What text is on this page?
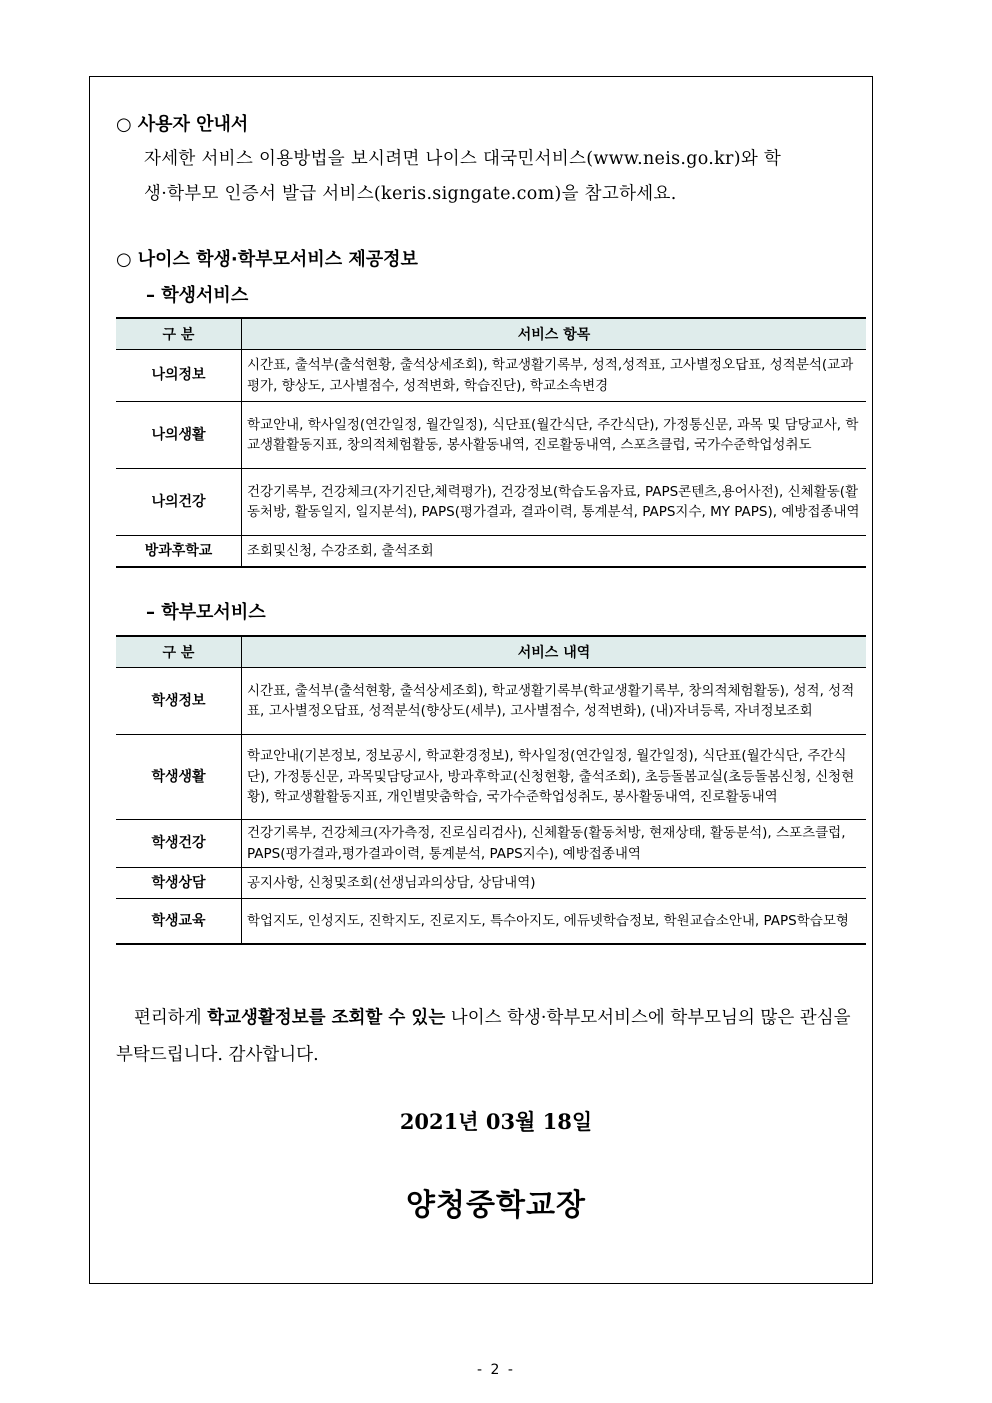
○ 사용자 안내서
자세한 서비스 이용방법을 보시려면 나이스 대국민서비스(www.neis.go.kr)와 학
생·학부모 인증서 발급 서비스(keris.signgate.com)을 참고하세요.
○ 나이스 학생·학부모서비스 제공정보
– 학생서비스
구 분	서비스 항목
나의정보	시간표, 출석부(출석현황, 출석상세조회), 학교생활기록부, 성적,성적표, 고사별정오답표, 성적분석(교과평가, 향상도, 고사별점수, 성적변화, 학습진단), 학교소속변경
나의생활	학교안내, 학사일정(연간일정, 월간일정), 식단표(월간식단, 주간식단), 가정통신문, 과목 및 담당교사, 학교생활활동지표, 창의적체험활동, 봉사활동내역, 진로활동내역, 스포츠클럽, 국가수준학업성취도
나의건강	건강기록부, 건강체크(자기진단,체력평가), 건강정보(학습도움자료, PAPS콘텐츠,용어사전), 신체활동(활동처방, 활동일지, 일지분석), PAPS(평가결과, 결과이력, 통계분석, PAPS지수, MY PAPS), 예방접종내역
방과후학교	조회및신청, 수강조회, 출석조회
– 학부모서비스
구 분	서비스 내역
학생정보	시간표, 출석부(출석현황, 출석상세조회), 학교생활기록부(학교생활기록부, 창의적체험활동), 성적, 성적표, 고사별정오답표, 성적분석(향상도(세부), 고사별점수, 성적변화), (내)자녀등록, 자녀정보조회
학생생활	학교안내(기본정보, 정보공시, 학교환경정보), 학사일정(연간일정, 월간일정), 식단표(월간식단, 주간식단), 가정통신문, 과목및담당교사, 방과후학교(신청현황, 출석조회), 초등돌봄교실(초등돌봄신청, 신청현황), 학교생활활동지표, 개인별맞춤학습, 국가수준학업성취도, 봉사활동내역, 진로활동내역
학생건강	건강기록부, 건강체크(자가측정, 진로심리검사), 신체활동(활동처방, 현재상태, 활동분석), 스포츠클럽, PAPS(평가결과,평가결과이력, 통계분석, PAPS지수), 예방접종내역
학생상담	공지사항, 신청및조회(선생님과의상담, 상담내역)
학생교육	학업지도, 인성지도, 진학지도, 진로지도, 특수아지도, 에듀넷학습정보, 학원교습소안내, PAPS학습모형
편리하게 학교생활정보를 조회할 수 있는 나이스 학생·학부모서비스에 학부모님의 많은 관심을 부탁드립니다. 감사합니다.
2021년 03월 18일
양청중학교장
- 2 -
